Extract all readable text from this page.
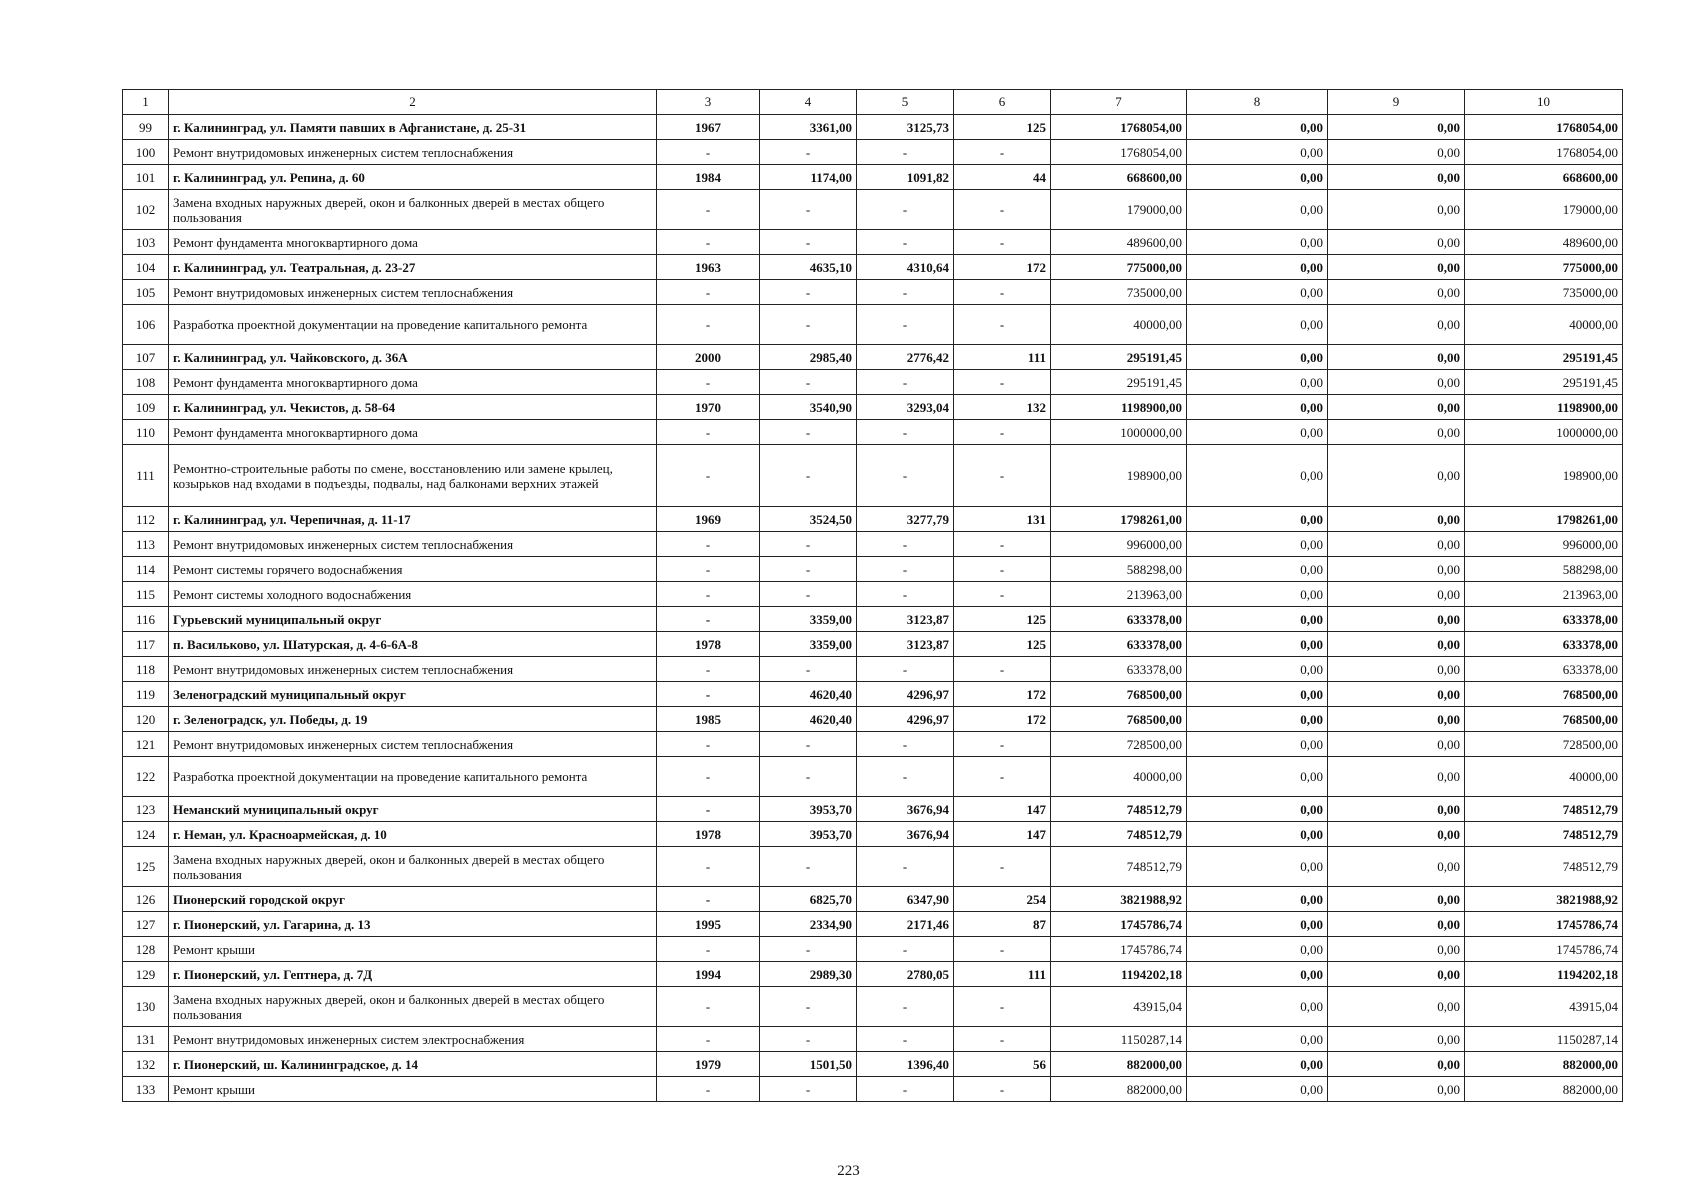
1	2	3	4	5	6	7	8	9	10
99	г. Калининград, ул. Памяти павших в Афганистане, д. 25-31	1967	3361,00	3125,73	125	1768054,00	0,00	0,00	1768054,00
100	Ремонт внутридомовых инженерных систем теплоснабжения	-	-	-	-	1768054,00	0,00	0,00	1768054,00
101	г. Калининград, ул. Репина, д. 60	1984	1174,00	1091,82	44	668600,00	0,00	0,00	668600,00
102	Замена входных наружных дверей, окон и балконных дверей в местах общего пользования	-	-	-	-	179000,00	0,00	0,00	179000,00
103	Ремонт фундамента многоквартирного дома	-	-	-	-	489600,00	0,00	0,00	489600,00
104	г. Калининград, ул. Театральная, д. 23-27	1963	4635,10	4310,64	172	775000,00	0,00	0,00	775000,00
105	Ремонт внутридомовых инженерных систем теплоснабжения	-	-	-	-	735000,00	0,00	0,00	735000,00
106	Разработка проектной документации на проведение капитального ремонта	-	-	-	-	40000,00	0,00	0,00	40000,00
107	г. Калининград, ул. Чайковского, д. 36А	2000	2985,40	2776,42	111	295191,45	0,00	0,00	295191,45
108	Ремонт фундамента многоквартирного дома	-	-	-	-	295191,45	0,00	0,00	295191,45
109	г. Калининград, ул. Чекистов, д. 58-64	1970	3540,90	3293,04	132	1198900,00	0,00	0,00	1198900,00
110	Ремонт фундамента многоквартирного дома	-	-	-	-	1000000,00	0,00	0,00	1000000,00
111	Ремонтно-строительные работы по смене, восстановлению или замене крылец, козырьков над входами в подъезды, подвалы, над балконами верхних этажей	-	-	-	-	198900,00	0,00	0,00	198900,00
112	г. Калининград, ул. Черепичная, д. 11-17	1969	3524,50	3277,79	131	1798261,00	0,00	0,00	1798261,00
113	Ремонт внутридомовых инженерных систем теплоснабжения	-	-	-	-	996000,00	0,00	0,00	996000,00
114	Ремонт системы горячего водоснабжения	-	-	-	-	588298,00	0,00	0,00	588298,00
115	Ремонт системы холодного водоснабжения	-	-	-	-	213963,00	0,00	0,00	213963,00
116	Гурьевский муниципальный округ	-	3359,00	3123,87	125	633378,00	0,00	0,00	633378,00
117	п. Васильково, ул. Шатурская, д. 4-6-6А-8	1978	3359,00	3123,87	125	633378,00	0,00	0,00	633378,00
118	Ремонт внутридомовых инженерных систем теплоснабжения	-	-	-	-	633378,00	0,00	0,00	633378,00
119	Зеленоградский муниципальный округ	-	4620,40	4296,97	172	768500,00	0,00	0,00	768500,00
120	г. Зеленоградск, ул. Победы, д. 19	1985	4620,40	4296,97	172	768500,00	0,00	0,00	768500,00
121	Ремонт внутридомовых инженерных систем теплоснабжения	-	-	-	-	728500,00	0,00	0,00	728500,00
122	Разработка проектной документации на проведение капитального ремонта	-	-	-	-	40000,00	0,00	0,00	40000,00
123	Неманский муниципальный округ	-	3953,70	3676,94	147	748512,79	0,00	0,00	748512,79
124	г. Неман, ул. Красноармейская, д. 10	1978	3953,70	3676,94	147	748512,79	0,00	0,00	748512,79
125	Замена входных наружных дверей, окон и балконных дверей в местах общего пользования	-	-	-	-	748512,79	0,00	0,00	748512,79
126	Пионерский городской округ	-	6825,70	6347,90	254	3821988,92	0,00	0,00	3821988,92
127	г. Пионерский, ул. Гагарина, д. 13	1995	2334,90	2171,46	87	1745786,74	0,00	0,00	1745786,74
128	Ремонт крыши	-	-	-	-	1745786,74	0,00	0,00	1745786,74
129	г. Пионерский, ул. Гептнера, д. 7Д	1994	2989,30	2780,05	111	1194202,18	0,00	0,00	1194202,18
130	Замена входных наружных дверей, окон и балконных дверей в местах общего пользования	-	-	-	-	43915,04	0,00	0,00	43915,04
131	Ремонт внутридомовых инженерных систем электроснабжения	-	-	-	-	1150287,14	0,00	0,00	1150287,14
132	г. Пионерский, ш. Калининградское, д. 14	1979	1501,50	1396,40	56	882000,00	0,00	0,00	882000,00
133	Ремонт крыши	-	-	-	-	882000,00	0,00	0,00	882000,00
223
